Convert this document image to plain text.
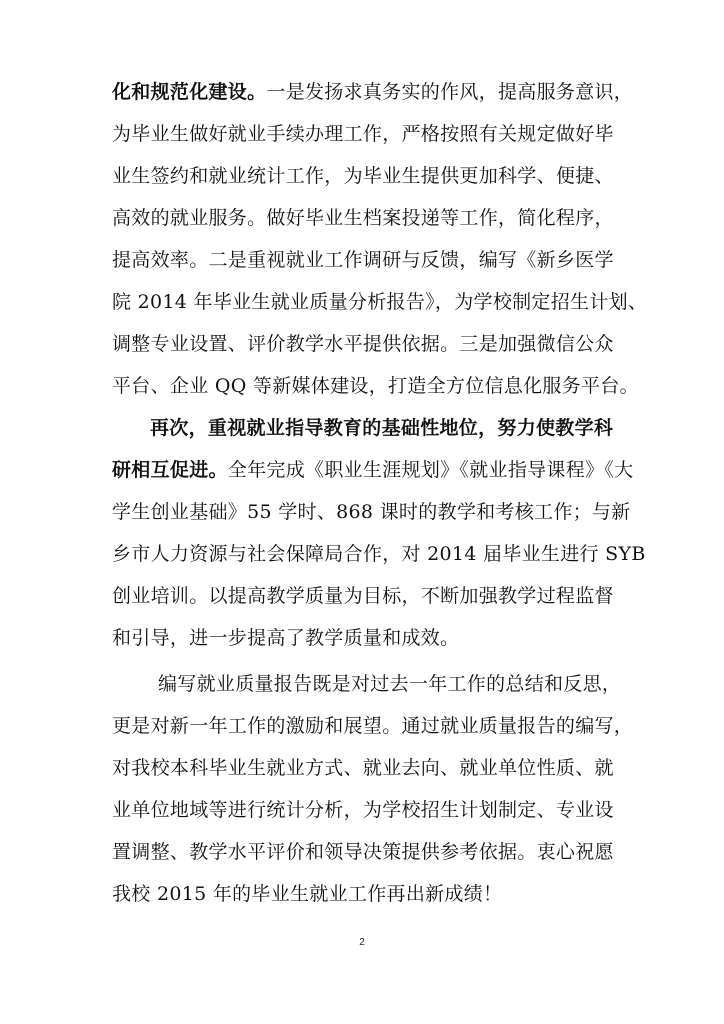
化和规范化建设。一是发扬求真务实的作风，提高服务意识，
为毕业生做好就业手续办理工作，严格按照有关规定做好毕
业生签约和就业统计工作，为毕业生提供更加科学、便捷、
高效的就业服务。做好毕业生档案投递等工作，简化程序，
提高效率。二是重视就业工作调研与反馈，编写《新乡医学
院 2014 年毕业生就业质量分析报告》，为学校制定招生计划、
调整专业设置、评价教学水平提供依据。三是加强微信公众
平台、企业 QQ 等新媒体建设，打造全方位信息化服务平台。
再次，重视就业指导教育的基础性地位，努力使教学科
研相互促进。全年完成《职业生涯规划》《就业指导课程》《大
学生创业基础》55 学时、868 课时的教学和考核工作；与新
乡市人力资源与社会保障局合作，对 2014 届毕业生进行 SYB
创业培训。以提高教学质量为目标，不断加强教学过程监督
和引导，进一步提高了教学质量和成效。
编写就业质量报告既是对过去一年工作的总结和反思，
更是对新一年工作的激励和展望。通过就业质量报告的编写，
对我校本科毕业生就业方式、就业去向、就业单位性质、就
业单位地域等进行统计分析，为学校招生计划制定、专业设
置调整、教学水平评价和领导决策提供参考依据。衷心祝愿
我校 2015 年的毕业生就业工作再出新成绩！
2
